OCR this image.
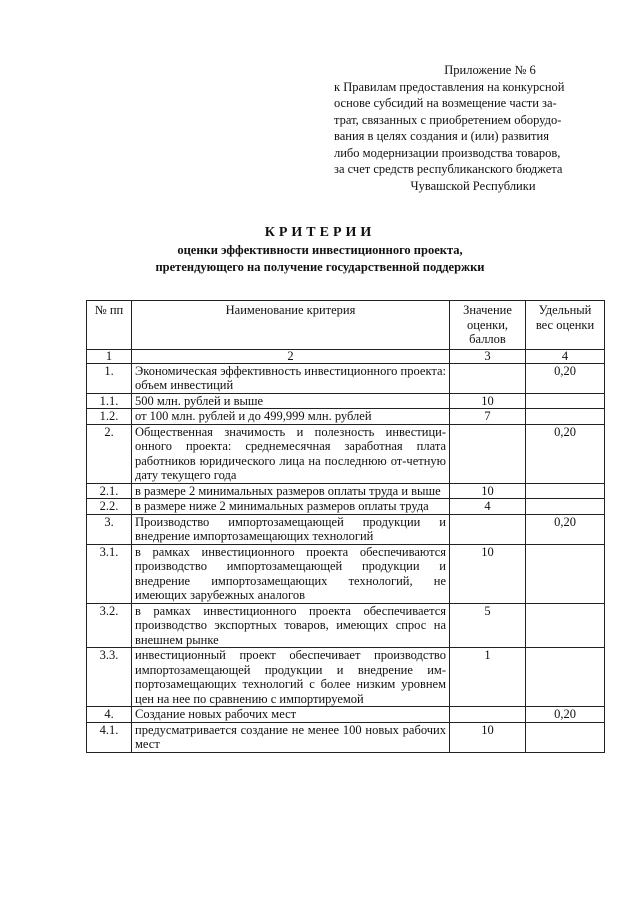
Приложение № 6
к Правилам предоставления на конкурсной
основе субсидий на возмещение части за-
трат, связанных с приобретением оборудо-
вания в целях создания и (или) развития
либо модернизации производства товаров,
за счет средств республиканского бюджета
Чувашской Республики
КРИТЕРИИ
оценки эффективности инвестиционного проекта,
претендующего на получение государственной поддержки
№ пп	Наименование критерия	Значение оценки, баллов	Удельный вес оценки
1	2	3	4
1.	Экономическая эффективность инвестиционного проекта: объем инвестиций		0,20
1.1.	500 млн. рублей и выше	10	
1.2.	от 100 млн. рублей и до 499,999 млн. рублей	7	
2.	Общественная значимость и полезность инвестици-онного проекта: среднемесячная заработная плата работников юридического лица на последнюю от-четную дату текущего года		0,20
2.1.	в размере 2 минимальных размеров оплаты труда и выше	10	
2.2.	в размере ниже 2 минимальных размеров оплаты труда	4	
3.	Производство импортозамещающей продукции и внедрение импортозамещающих технологий		0,20
3.1.	в рамках инвестиционного проекта обеспечиваются производство импортозамещающей продукции и внедрение импортозамещающих технологий, не имеющих зарубежных аналогов	10	
3.2.	в рамках инвестиционного проекта обеспечивается производство экспортных товаров, имеющих спрос на внешнем рынке	5	
3.3.	инвестиционный проект обеспечивает производство импортозамещающей продукции и внедрение им-портозамещающих технологий с более низким уровнем цен на нее по сравнению с импортируемой	1	
4.	Создание новых рабочих мест		0,20
4.1.	предусматривается создание не менее 100 новых рабочих мест	10	
